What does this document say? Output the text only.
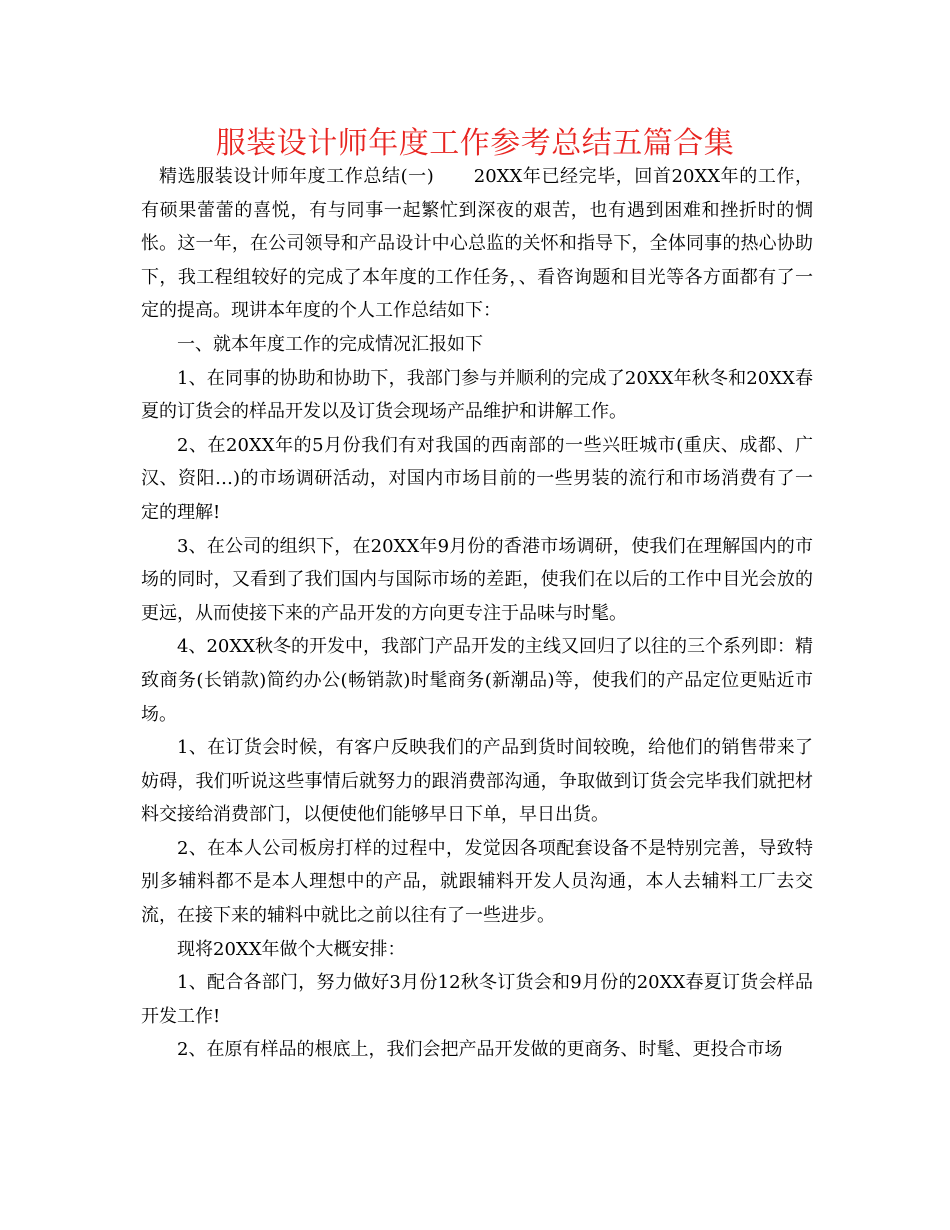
服装设计师年度工作参考总结五篇合集

精选服装设计师年度工作总结(一) 20XX年已经完毕，回首20XX年的工作，有硕果蕾蕾的喜悦，有与同事一起繁忙到深夜的艰苦，也有遇到困难和挫折时的惆怅。这一年，在公司领导和产品设计中心总监的关怀和指导下，全体同事的热心协助下，我工程组较好的完成了本年度的工作任务，、看咨询题和目光等各方面都有了一定的提高。现讲本年度的个人工作总结如下：

一、就本年度工作的完成情况汇报如下

1、在同事的协助和协助下，我部门参与并顺利的完成了20XX年秋冬和20XX春夏的订货会的样品开发以及订货会现场产品维护和讲解工作。

2、在20XX年的5月份我们有对我国的西南部的一些兴旺城市(重庆、成都、广汉、资阳…)的市场调研活动，对国内市场目前的一些男装的流行和市场消费有了一定的理解!

3、在公司的组织下，在20XX年9月份的香港市场调研，使我们在理解国内的市场的同时，又看到了我们国内与国际市场的差距，使我们在以后的工作中目光会放的更远，从而使接下来的产品开发的方向更专注于品味与时髦。

4、20XX秋冬的开发中，我部门产品开发的主线又回归了以往的三个系列即：精致商务(长销款)简约办公(畅销款)时髦商务(新潮品)等，使我们的产品定位更贴近市场。

1、在订货会时候，有客户反映我们的产品到货时间较晚，给他们的销售带来了妨碍，我们听说这些事情后就努力的跟消费部沟通，争取做到订货会完毕我们就把材料交接给消费部门，以便使他们能够早日下单，早日出货。

2、在本人公司板房打样的过程中，发觉因各项配套设备不是特别完善，导致特别多辅料都不是本人理想中的产品，就跟辅料开发人员沟通，本人去辅料工厂去交流，在接下来的辅料中就比之前以往有了一些进步。

现将20XX年做个大概安排：

1、配合各部门，努力做好3月份12秋冬订货会和9月份的20XX春夏订货会样品开发工作!

2、在原有样品的根底上，我们会把产品开发做的更商务、时髦、更投合市场
